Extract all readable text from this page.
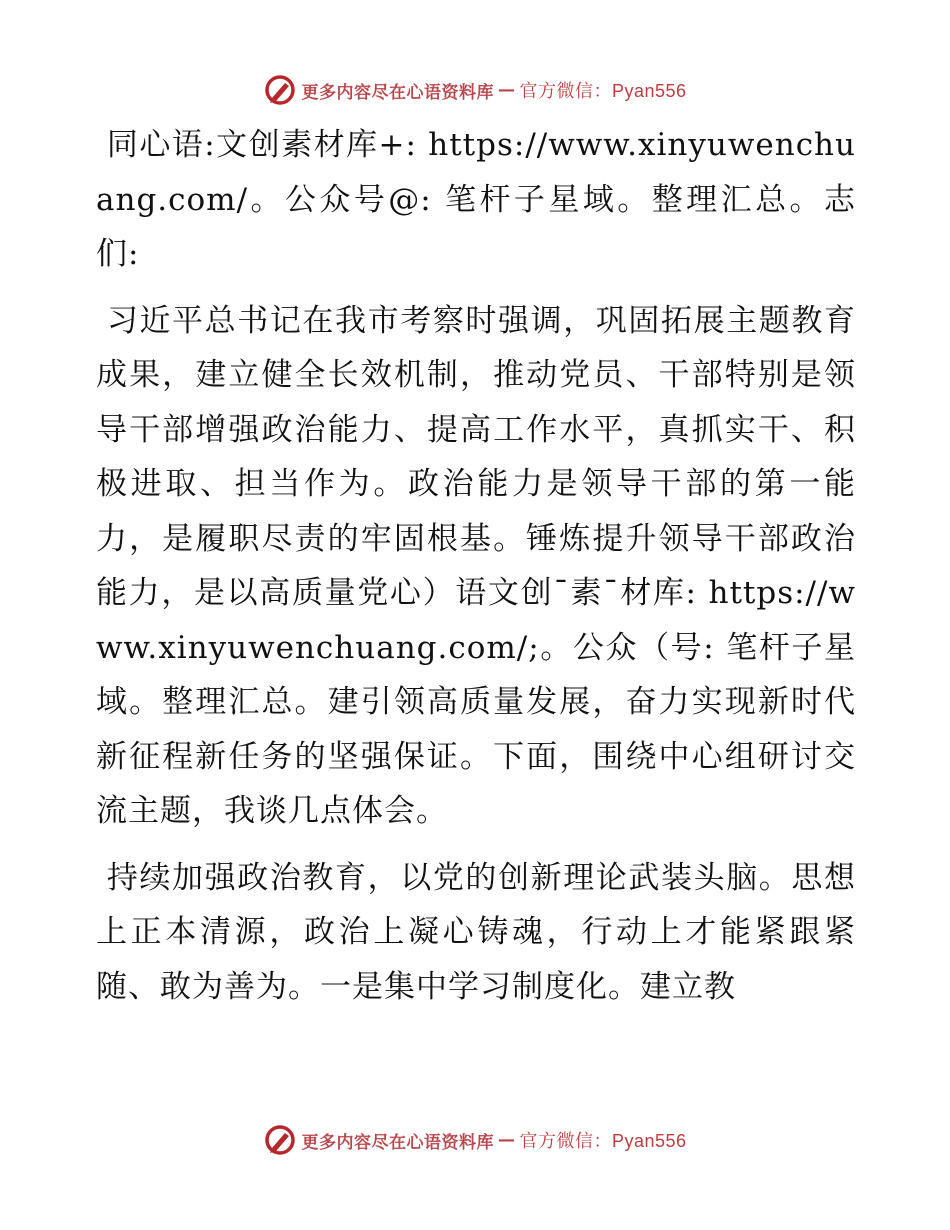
更多内容尽在心语资料库 — 官方微信：Pyan556

同心语:文创素材库+: https://www.xinyuwenchuang.com/。公众号@: 笔杆子星域。整理汇总。志们:

习近平总书记在我市考察时强调，巩固拓展主题教育成果，建立健全长效机制，推动党员、干部特别是领导干部增强政治能力、提高工作水平，真抓实干、积极进取、担当作为。政治能力是领导干部的第一能力，是履职尽责的牢固根基。锤炼提升领导干部政治能力，是以高质量党心）语文创¯素¯材库: https://www.xinyuwenchuang.com/;。公众（号: 笔杆子星域。整理汇总。建引领高质量发展，奋力实现新时代新征程新任务的坚强保证。下面，围绕中心组研讨交流主题，我谈几点体会。

持续加强政治教育，以党的创新理论武装头脑。思想上正本清源，政治上凝心铸魂，行动上才能紧跟紧随、敢为善为。一是集中学习制度化。建立教

更多内容尽在心语资料库 — 官方微信：Pyan556
